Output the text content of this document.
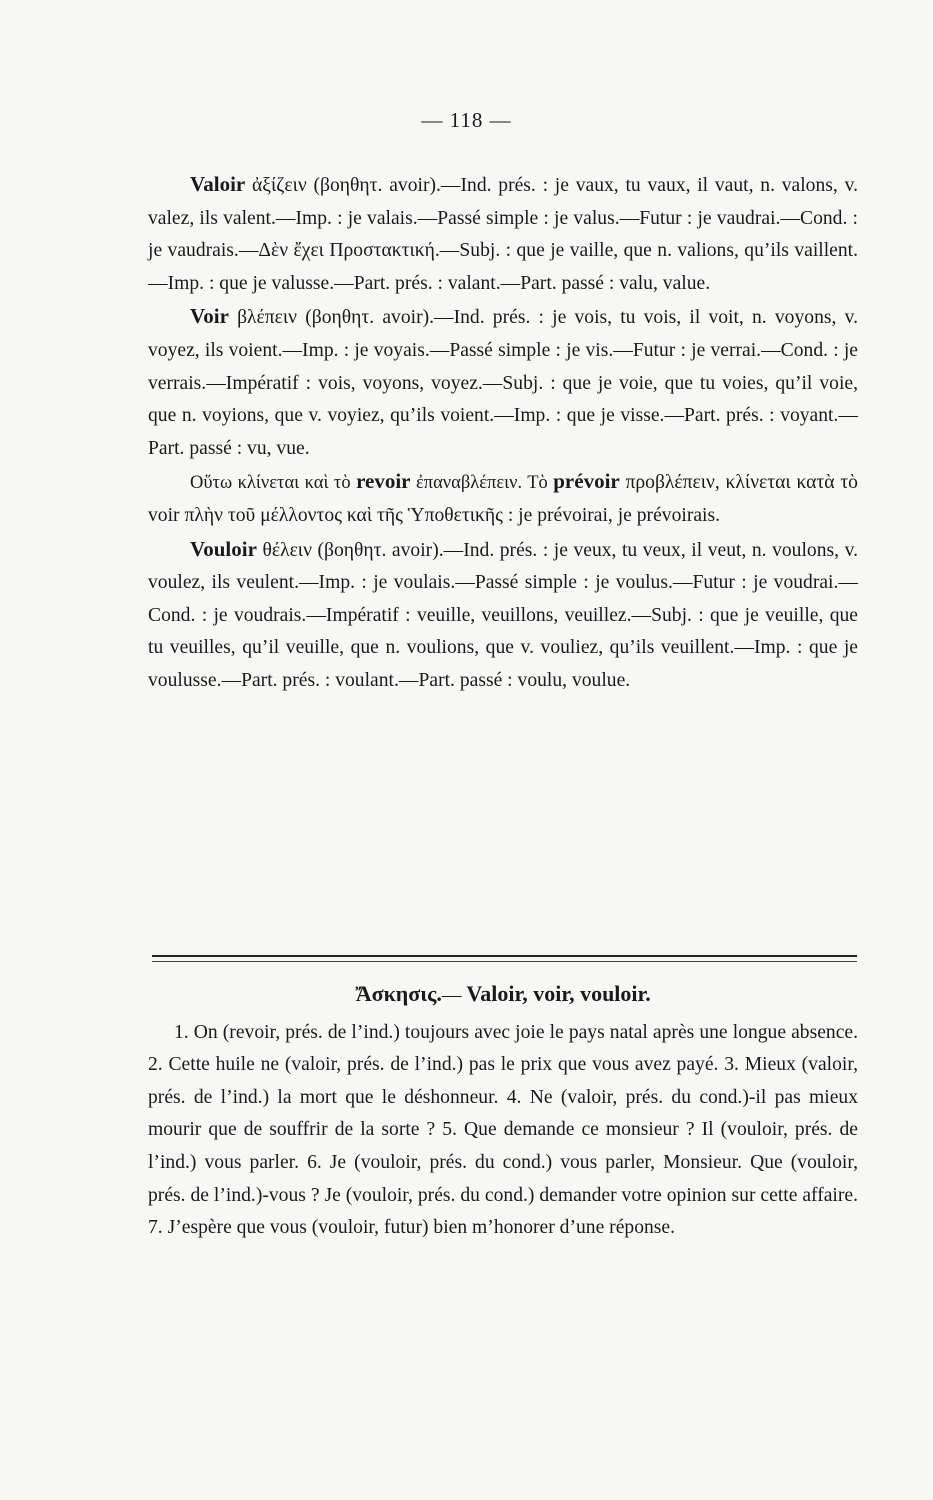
— 118 —

Valoir ἀξίζειν (βοηθητ. avoir).—Ind. prés. : je vaux, tu vaux, il vaut, n. valons, v. valez, ils valent.—Imp. : je valais.—Passé simple : je valus.—Futur : je vaudrai.—Cond. : je vaudrais.—Δὲν ἔχει Προστακτική.—Subj. : que je vaille, que n. valions, qu’ils vaillent.—Imp. : que je valusse.—Part. prés. : valant.—Part. passé : valu, value.

Voir βλέπειν (βοηθητ. avoir).—Ind. prés. : je vois, tu vois, il voit, n. voyons, v. voyez, ils voient.—Imp. : je voyais.—Passé simple : je vis.—Futur : je verrai.—Cond. : je verrais.—Impératif : vois, voyons, voyez.—Subj. : que je voie, que tu voies, qu’il voie, que n. voyions, que v. voyiez, qu’ils voient.—Imp. : que je visse.—Part. prés. : voyant.—Part. passé : vu, vue.

Οὕτω κλίνεται καὶ τὸ revoir ἐπαναβλέπειν. Τὸ prévoir προβλέπειν, κλίνεται κατὰ τὸ voir πλὴν τοῦ μέλλοντος καὶ τῆς Ὑποθετικῆς : je prévoirai, je prévoirais.

Vouloir θέλειν (βοηθητ. avoir).—Ind. prés. : je veux, tu veux, il veut, n. voulons, v. voulez, ils veulent.—Imp. : je voulais.—Passé simple : je voulus.—Futur : je voudrai.—Cond. : je voudrais.—Impératif : veuille, veuillons, veuillez.—Subj. : que je veuille, que tu veuilles, qu’il veuille, que n. voulions, que v. vouliez, qu’ils veuillent.—Imp. : que je voulusse.—Part. prés. : voulant.—Part. passé : voulu, voulue.

Ἄσκησις.— Valoir, voir, vouloir.

1. On (revoir, prés. de l’ind.) toujours avec joie le pays natal après une longue absence. 2. Cette huile ne (valoir, prés. de l’ind.) pas le prix que vous avez payé. 3. Mieux (valoir, prés. de l’ind.) la mort que le déshonneur. 4. Ne (valoir, prés. du cond.)-il pas mieux mourir que de souffrir de la sorte ? 5. Que demande ce monsieur ? Il (vouloir, prés. de l’ind.) vous parler. 6. Je (vouloir, prés. du cond.) vous parler, Monsieur. Que (vouloir, prés. de l’ind.)-vous ? Je (vouloir, prés. du cond.) demander votre opinion sur cette affaire. 7. J’espère que vous (vouloir, futur) bien m’honorer d’une réponse.
